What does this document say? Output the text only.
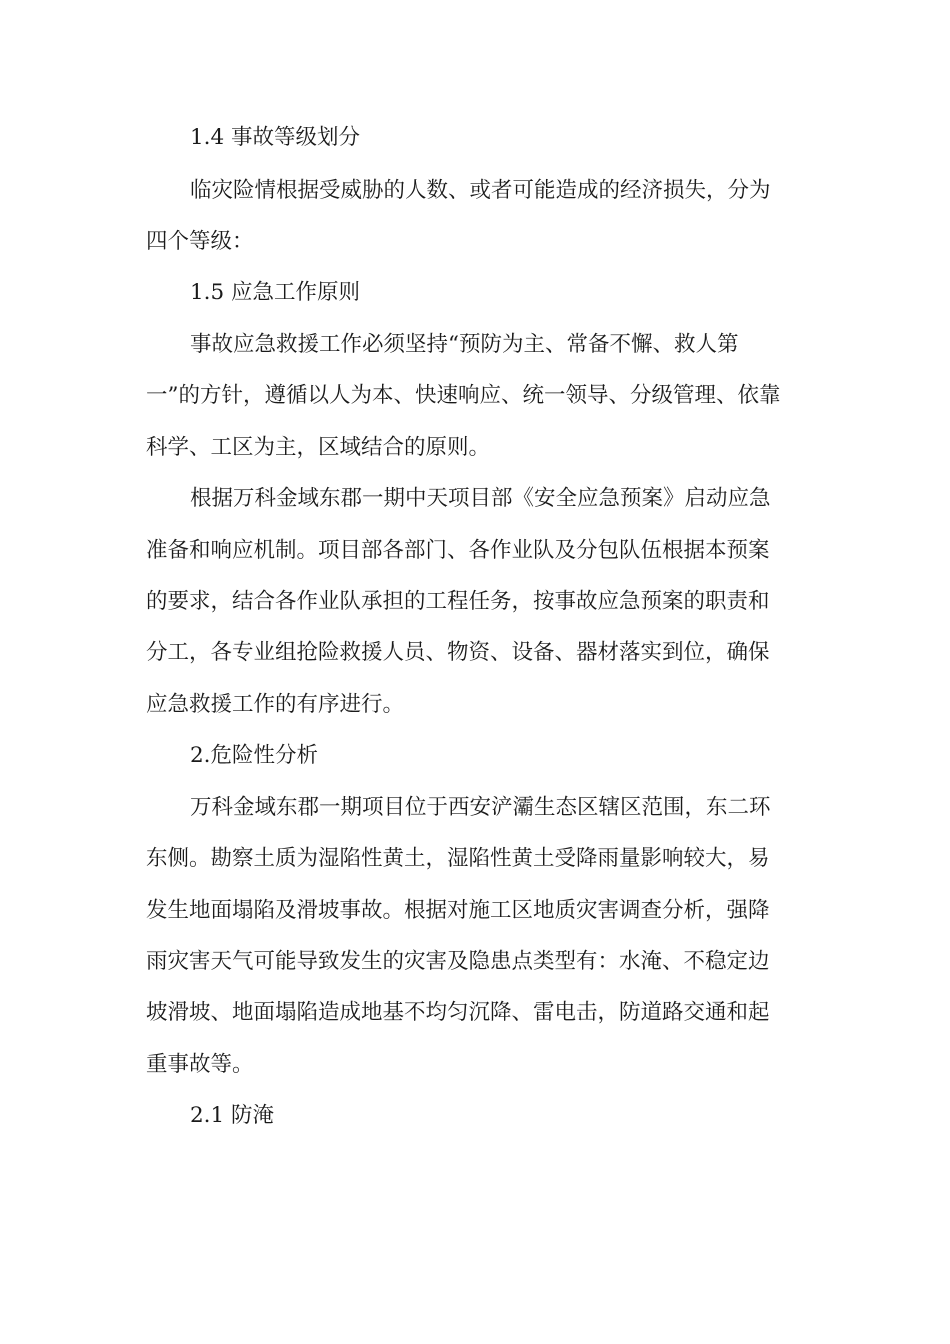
1.4 事故等级划分
临灾险情根据受威胁的人数、或者可能造成的经济损失，分为
四个等级：
1.5 应急工作原则
事故应急救援工作必须坚持“预防为主、常备不懈、救人第
一”的方针，遵循以人为本、快速响应、统一领导、分级管理、依靠
科学、工区为主，区域结合的原则。
根据万科金域东郡一期中天项目部《安全应急预案》启动应急
准备和响应机制。项目部各部门、各作业队及分包队伍根据本预案
的要求，结合各作业队承担的工程任务，按事故应急预案的职责和
分工，各专业组抢险救援人员、物资、设备、器材落实到位，确保
应急救援工作的有序进行。
2.危险性分析
万科金域东郡一期项目位于西安浐灞生态区辖区范围，东二环
东侧。勘察土质为湿陷性黄土，湿陷性黄土受降雨量影响较大，易
发生地面塌陷及滑坡事故。根据对施工区地质灾害调查分析，强降
雨灾害天气可能导致发生的灾害及隐患点类型有：水淹、不稳定边
坡滑坡、地面塌陷造成地基不均匀沉降、雷电击，防道路交通和起
重事故等。
2.1 防淹
